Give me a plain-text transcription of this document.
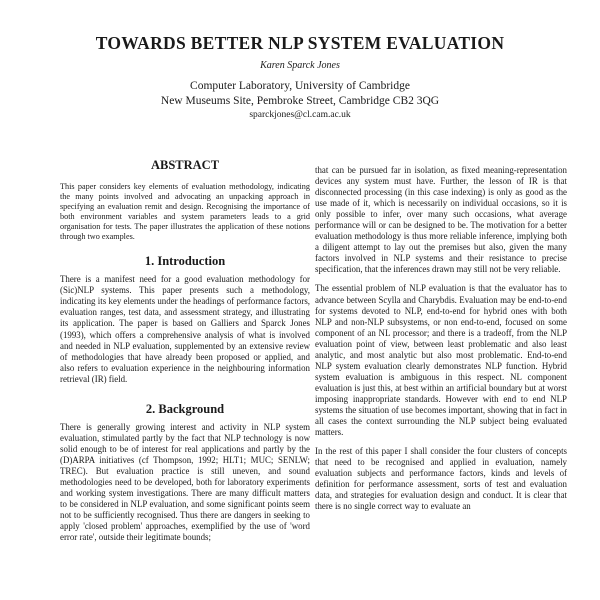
TOWARDS BETTER NLP SYSTEM EVALUATION
Karen Sparck Jones
Computer Laboratory, University of Cambridge
New Museums Site, Pembroke Street, Cambridge CB2 3QG
sparckjones@cl.cam.ac.uk
ABSTRACT

This paper considers key elements of evaluation methodology, indicating the many points involved and advocating an unpacking approach in specifying an evaluation remit and design. Recognising the importance of both environment variables and system parameters leads to a grid organisation for tests. The paper illustrates the application of these notions through two examples.

1. Introduction

There is a manifest need for a good evaluation methodology for (Sic)NLP systems. This paper presents such a methodology, indicating its key elements under the headings of performance factors, evaluation ranges, test data, and assessment strategy, and illustrating its application. The paper is based on Galliers and Sparck Jones (1993), which offers a comprehensive analysis of what is involved and needed in NLP evaluation, supplemented by an extensive review of methodologies that have already been proposed or applied, and also refers to evaluation experience in the neighbouring information retrieval (IR) field.

2. Background

There is generally growing interest and activity in NLP system evaluation, stimulated partly by the fact that NLP technology is now solid enough to be of interest for real applications and partly by the (D)ARPA initiatives (cf Thompson, 1992; HLT1; MUC; SENLW; TREC). But evaluation practice is still uneven, and sound methodologies need to be developed, both for laboratory experiments and working system investigations. There are many difficult matters to be considered in NLP evaluation, and some significant points seem not to be sufficiently recognised. Thus there are dangers in seeking to apply 'closed problem' approaches, exemplified by the use of 'word error rate', outside their legitimate bounds;

that can be pursued far in isolation, as fixed meaning-representation devices any system must have. Further, the lesson of IR is that disconnected processing (in this case indexing) is only as good as the use made of it, which is necessarily on individual occasions, so it is only possible to infer, over many such occasions, what average performance will or can be designed to be. The motivation for a better evaluation methodology is thus more reliable inference, implying both a diligent attempt to lay out the premises but also, given the many factors involved in NLP systems and their resistance to precise specification, that the inferences drawn may still not be very reliable.

The essential problem of NLP evaluation is that the evaluator has to advance between Scylla and Charybdis. Evaluation may be end-to-end for systems devoted to NLP, end-to-end for hybrid ones with both NLP and non-NLP subsystems, or non end-to-end, focused on some component of an NL processor; and there is a tradeoff, from the NLP evaluation point of view, between least problematic and also least analytic, and most analytic but also most problematic. End-to-end NLP system evaluation clearly demonstrates NLP function. Hybrid system evaluation is ambiguous in this respect. NL component evaluation is just this, at best within an artificial boundary but at worst imposing inappropriate standards. However with end to end NLP systems the situation of use becomes important, showing that in fact in all cases the context surrounding the NLP subject being evaluated matters.

In the rest of this paper I shall consider the four clusters of concepts that need to be recognised and applied in evaluation, namely evaluation subjects and performance factors, kinds and levels of definition for performance assessment, sorts of test and evaluation data, and strategies for evaluation design and conduct. It is clear that there is no single correct way to evaluate an
